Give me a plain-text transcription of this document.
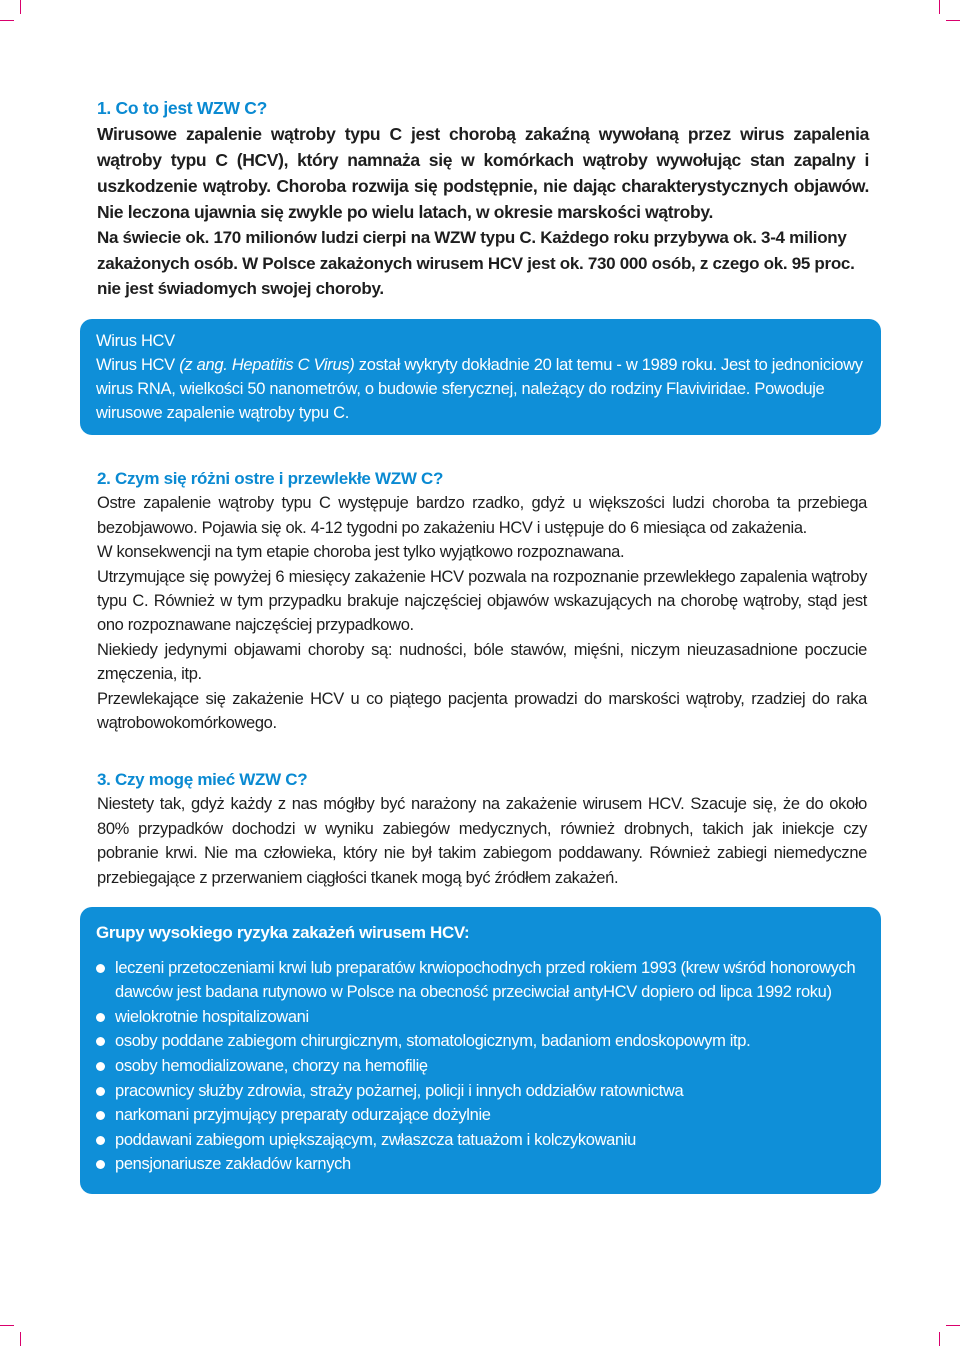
1. Co to jest WZW C?
Wirusowe zapalenie wątroby typu C jest chorobą zakaźną wywołaną przez wirus zapalenia wątroby typu C (HCV), który namnaża się w komórkach wątroby wywołując stan zapalny i uszkodzenie wątroby. Choroba rozwija się podstępnie, nie dając charakterystycznych objawów. Nie leczona ujawnia się zwykle po wielu latach, w okresie marskości wątroby.
Na świecie ok. 170 milionów ludzi cierpi na WZW typu C. Każdego roku przybywa ok. 3-4 miliony zakażonych osób. W Polsce zakażonych wirusem HCV jest ok. 730 000 osób, z czego ok. 95 proc. nie jest świadomych swojej choroby.
Wirus HCV
Wirus HCV (z ang. Hepatitis C Virus) został wykryty dokładnie 20 lat temu - w 1989 roku. Jest to jednoniciowy wirus RNA, wielkości 50 nanometrów, o budowie sferycznej, należący do rodziny Flaviviridae. Powoduje wirusowe zapalenie wątroby typu C.
2. Czym się różni ostre i przewlekłe WZW C?

Ostre zapalenie wątroby typu C występuje bardzo rzadko, gdyż u większości ludzi choroba ta przebiega bezobjawowo. Pojawia się ok. 4-12 tygodni po zakażeniu HCV i ustępuje do 6 miesiąca od zakażenia.

W konsekwencji na tym etapie choroba jest tylko wyjątkowo rozpoznawana.

Utrzymujące się powyżej 6 miesięcy zakażenie HCV pozwala na rozpoznanie przewlekłego zapalenia wątroby typu C. Również w tym przypadku brakuje najczęściej objawów wskazujących na chorobę wątroby, stąd jest ono rozpoznawane najczęściej przypadkowo.

Niekiedy jedynymi objawami choroby są: nudności, bóle stawów, mięśni, niczym nieuzasadnione poczucie zmęczenia, itp.

Przewlekające się zakażenie HCV u co piątego pacjenta prowadzi do marskości wątroby, rzadziej do raka wątrobowokomórkowego.

3. Czy mogę mieć WZW C?

Niestety tak, gdyż każdy z nas mógłby być narażony na zakażenie wirusem HCV. Szacuje się, że do około 80% przypadków dochodzi w wyniku zabiegów medycznych, również drobnych, takich jak iniekcje czy pobranie krwi. Nie ma człowieka, który nie był takim zabiegom poddawany. Również zabiegi niemedyczne przebiegające z przerwaniem ciągłości tkanek mogą być źródłem zakażeń.

Grupy wysokiego ryzyka zakażeń wirusem HCV:
leczeni przetoczeniami krwi lub preparatów krwiopochodnych przed rokiem 1993 (krew wśród honorowych dawców jest badana rutynowo w Polsce na obecność przeciwciał antyHCV dopiero od lipca 1992 roku)
wielokrotnie hospitalizowani
osoby poddane zabiegom chirurgicznym, stomatologicznym, badaniom endoskopowym itp.
osoby hemodializowane, chorzy na hemofilię
pracownicy służby zdrowia, straży pożarnej, policji i innych oddziałów ratownictwa
narkomani przyjmujący preparaty odurzające dożylnie
poddawani zabiegom upiększającym, zwłaszcza tatuażom i kolczykowaniu
pensjonariusze zakładów karnych
